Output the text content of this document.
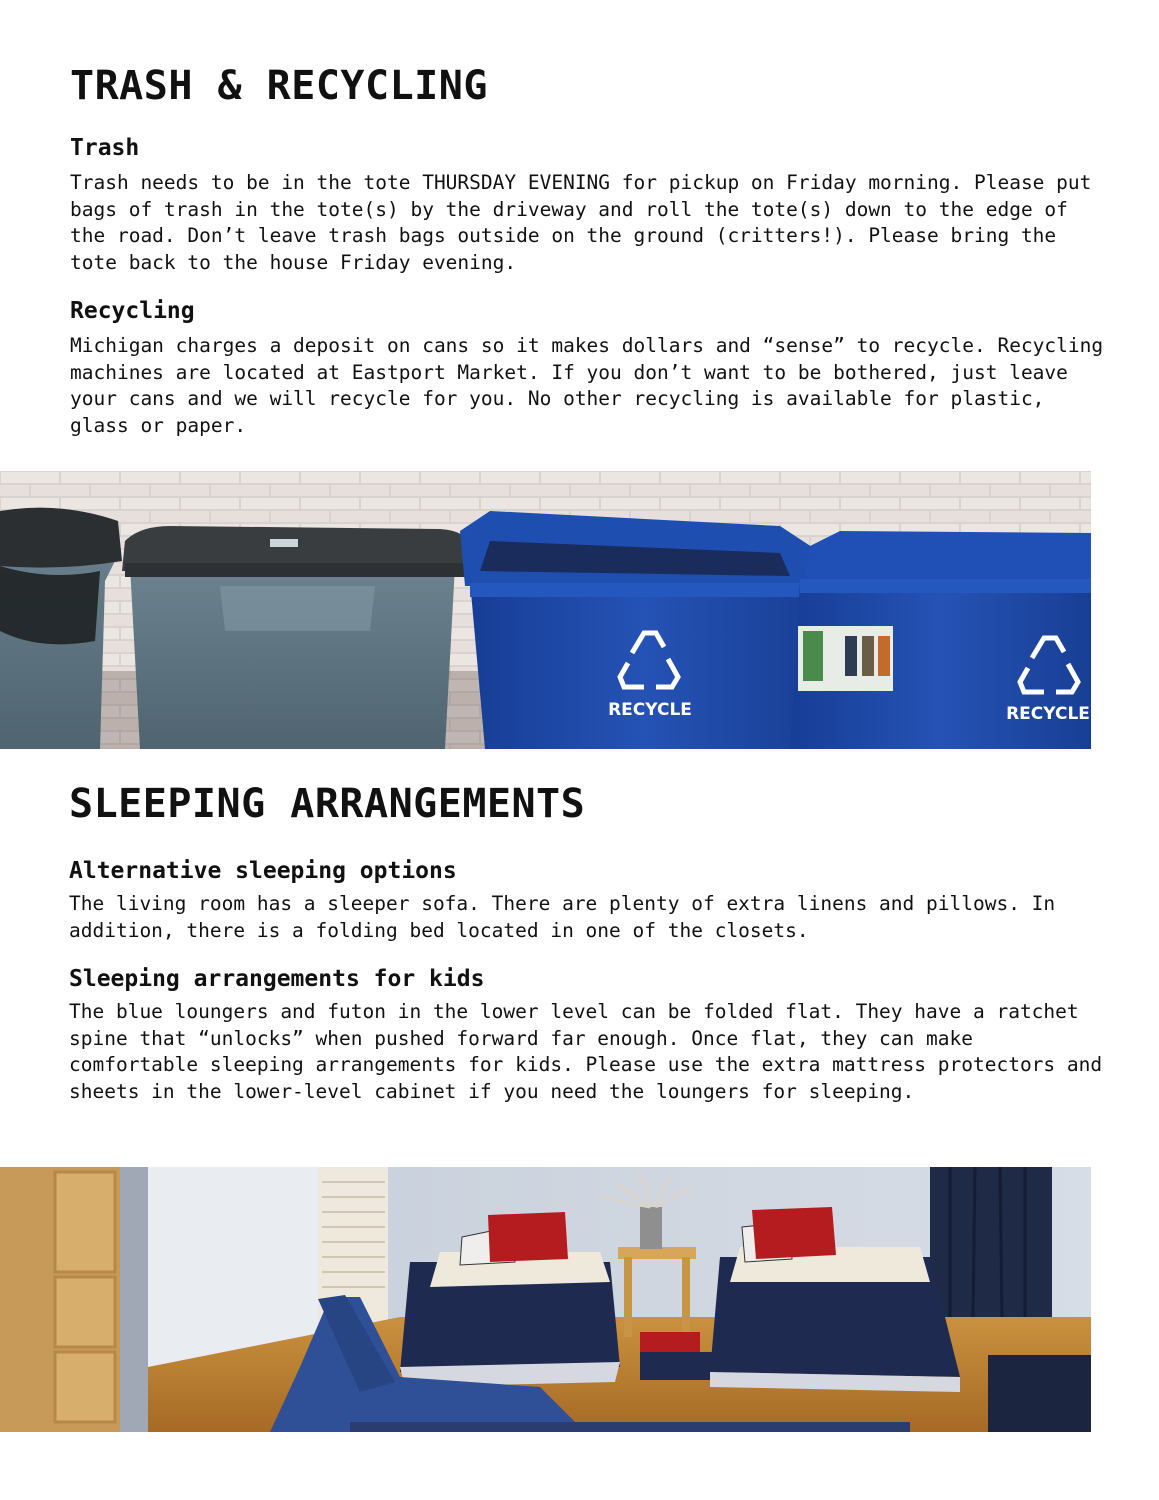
TRASH & RECYCLING
Trash

Trash needs to be in the tote THURSDAY EVENING for pickup on Friday morning. Please put bags of trash in the tote(s) by the driveway and roll the tote(s) down to the edge of the road. Don’t leave trash bags outside on the ground (critters!). Please bring the tote back to the house Friday evening.

Recycling

Michigan charges a deposit on cans so it makes dollars and “sense” to recycle. Recycling machines are located at Eastport Market. If you don’t want to be bothered, just leave your cans and we will recycle for you. No other recycling is available for plastic, glass or paper.

RECYCLE	RECYCLE
SLEEPING ARRANGEMENTS
Alternative sleeping options

The living room has a sleeper sofa. There are plenty of extra linens and pillows. In addition, there is a folding bed located in one of the closets.

Sleeping arrangements for kids

The blue loungers and futon in the lower level can be folded flat. They have a ratchet spine that “unlocks” when pushed forward far enough. Once flat, they can make comfortable sleeping arrangements for kids. Please use the extra mattress protectors and sheets in the lower-level cabinet if you need the loungers for sleeping.
